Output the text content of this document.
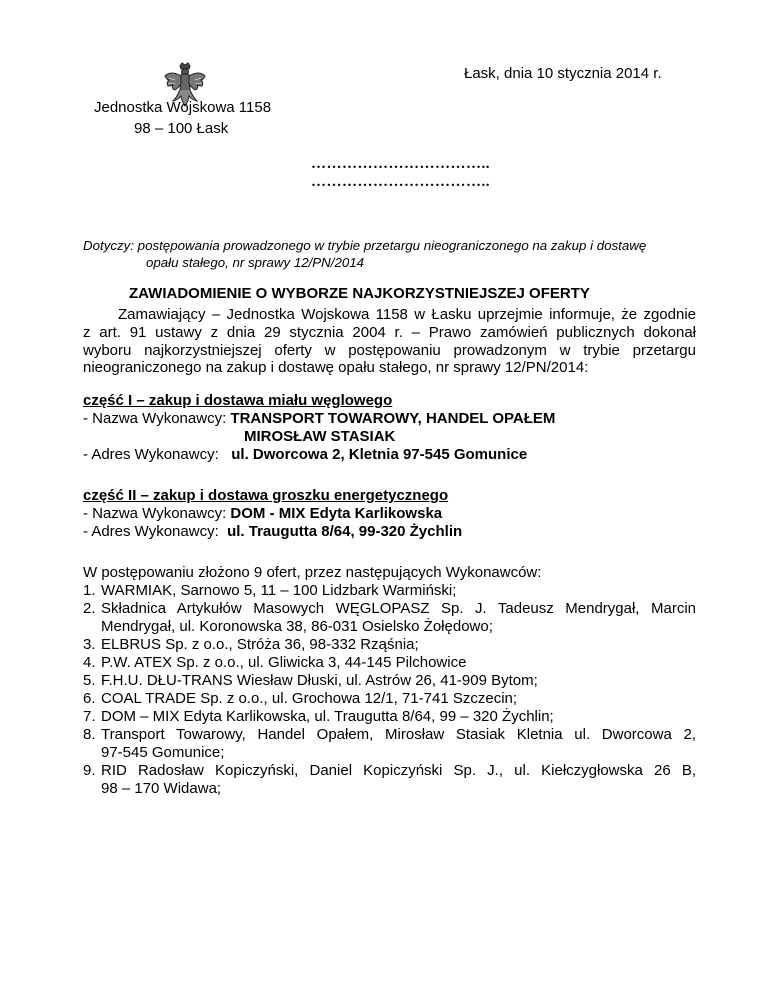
Łask, dnia 10 stycznia 2014 r.
Jednostka Wojskowa 1158
98 – 100 Łask
……………………………..
……………………………..
Dotyczy: postępowania prowadzonego w trybie przetargu nieograniczonego na zakup i dostawę
opału stałego, nr sprawy 12/PN/2014
ZAWIADOMIENIE O WYBORZE NAJKORZYSTNIEJSZEJ OFERTY
Zamawiający – Jednostka Wojskowa 1158 w Łasku uprzejmie informuje, że zgodnie
z art. 91 ustawy z dnia 29 stycznia 2004 r. – Prawo zamówień publicznych dokonał
wyboru najkorzystniejszej oferty w postępowaniu prowadzonym w trybie przetargu
nieograniczonego na zakup i dostawę opału stałego, nr sprawy 12/PN/2014:
część I – zakup i dostawa miału węglowego
- Nazwa Wykonawcy: TRANSPORT TOWAROWY, HANDEL OPAŁEM
MIROSŁAW STASIAK
- Adres Wykonawcy:   ul. Dworcowa 2, Kletnia 97-545 Gomunice
część II – zakup i dostawa groszku energetycznego
- Nazwa Wykonawcy: DOM - MIX Edyta Karlikowska
- Adres Wykonawcy:  ul. Traugutta 8/64, 99-320 Żychlin
W postępowaniu złożono 9 ofert, przez następujących Wykonawców:
1. WARMIAK, Sarnowo 5, 11 – 100 Lidzbark Warmiński;
2. Składnica Artykułów Masowych WĘGLOPASZ Sp. J. Tadeusz Mendrygał, Marcin
Mendrygał, ul. Koronowska 38, 86-031 Osielsko Żołędowo;
3. ELBRUS Sp. z o.o., Stróża 36, 98-332 Rząśnia;
4. P.W. ATEX Sp. z o.o., ul. Gliwicka 3, 44-145 Pilchowice
5. F.H.U. DŁU-TRANS Wiesław Dłuski, ul. Astrów 26, 41-909 Bytom;
6. COAL TRADE Sp. z o.o., ul. Grochowa 12/1, 71-741 Szczecin;
7. DOM – MIX Edyta Karlikowska, ul. Traugutta 8/64, 99 – 320 Żychlin;
8. Transport Towarowy, Handel Opałem, Mirosław Stasiak Kletnia ul. Dworcowa 2,
97-545 Gomunice;
9. RID Radosław Kopiczyński, Daniel Kopiczyński Sp. J., ul. Kiełczygłowska 26 B,
98 – 170 Widawa;
